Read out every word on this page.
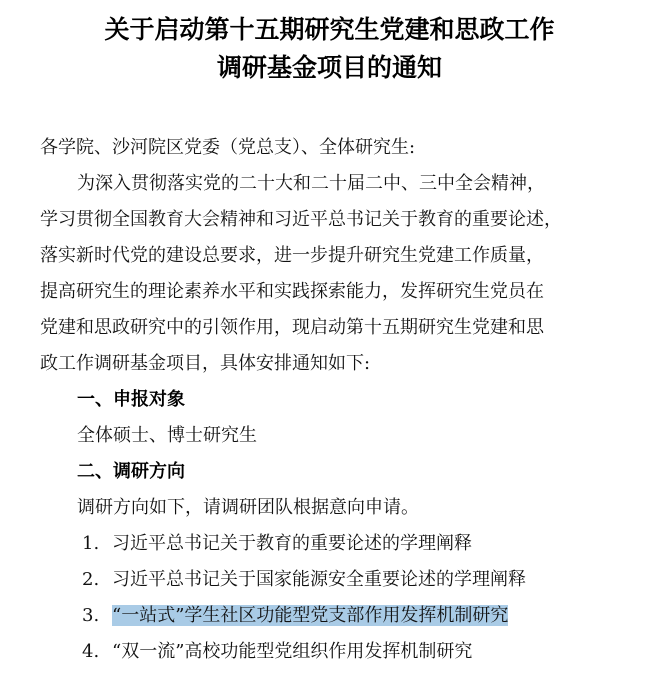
关于启动第十五期研究生党建和思政工作
调研基金项目的通知
各学院、沙河院区党委（党总支）、全体研究生:
为深入贯彻落实党的二十大和二十届二中、三中全会精神，
学习贯彻全国教育大会精神和习近平总书记关于教育的重要论述，
落实新时代党的建设总要求，进一步提升研究生党建工作质量，
提高研究生的理论素养水平和实践探索能力，发挥研究生党员在
党建和思政研究中的引领作用，现启动第十五期研究生党建和思
政工作调研基金项目，具体安排通知如下:
一、申报对象
全体硕士、博士研究生
二、调研方向
调研方向如下，请调研团队根据意向申请。
1. 习近平总书记关于教育的重要论述的学理阐释
2. 习近平总书记关于国家能源安全重要论述的学理阐释
3. “一站式”学生社区功能型党支部作用发挥机制研究
4. “双一流”高校功能型党组织作用发挥机制研究
